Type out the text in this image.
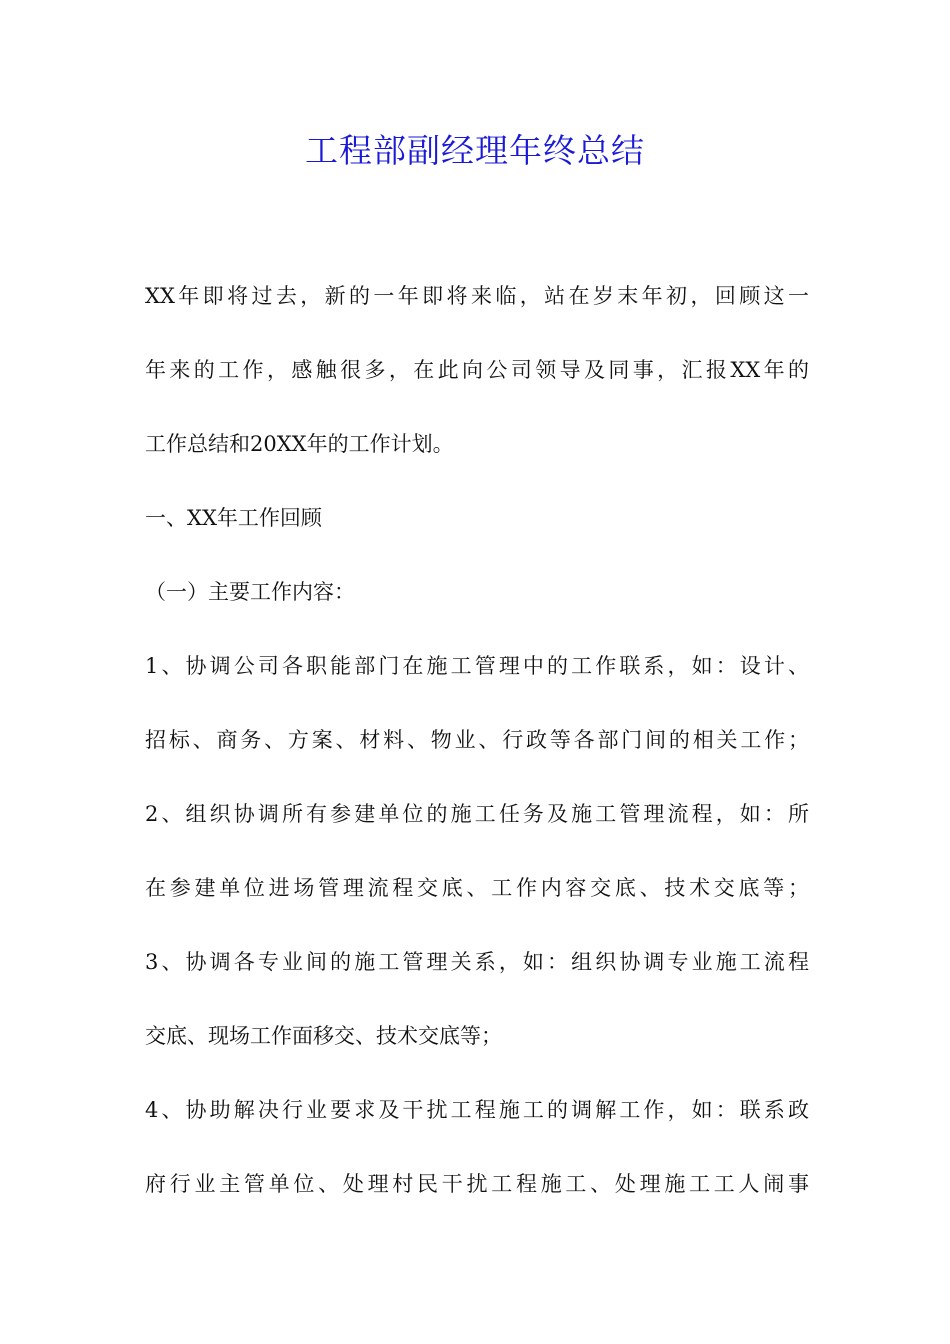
工程部副经理年终总结
XX年即将过去，新的一年即将来临，站在岁末年初，回顾这一
年来的工作，感触很多，在此向公司领导及同事，汇报XX年的
工作总结和20XX年的工作计划。
一、XX年工作回顾
（一）主要工作内容：
1、协调公司各职能部门在施工管理中的工作联系，如：设计、
招标、商务、方案、材料、物业、行政等各部门间的相关工作；
2、组织协调所有参建单位的施工任务及施工管理流程，如：所
在参建单位进场管理流程交底、工作内容交底、技术交底等；
3、协调各专业间的施工管理关系，如：组织协调专业施工流程
交底、现场工作面移交、技术交底等；
4、协助解决行业要求及干扰工程施工的调解工作，如：联系政
府行业主管单位、处理村民干扰工程施工、处理施工工人闹事
